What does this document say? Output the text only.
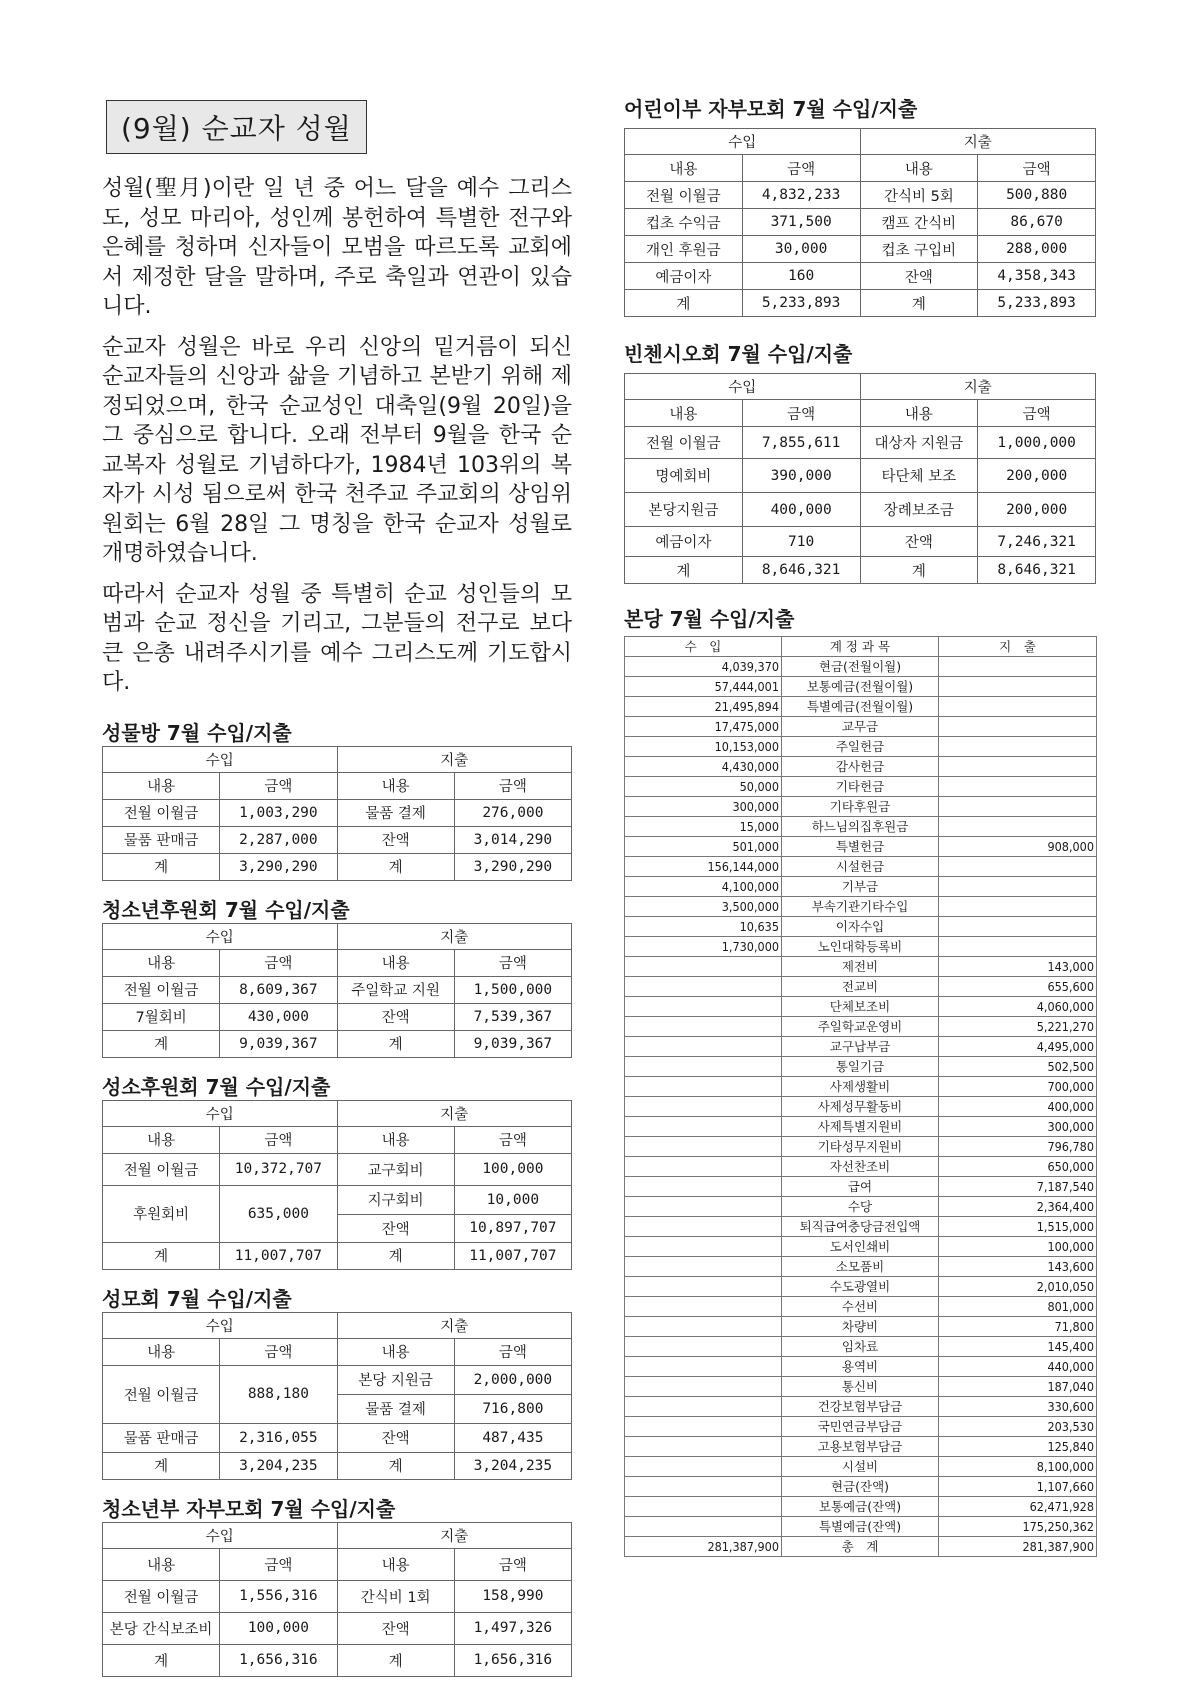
(9월) 순교자 성월

성월(聖月)이란 일 년 중 어느 달을 예수 그리스도, 성모 마리아, 성인께 봉헌하여 특별한 전구와 은혜를 청하며 신자들이 모범을 따르도록 교회에서 제정한 달을 말하며, 주로 축일과 연관이 있습니다.

순교자 성월은 바로 우리 신앙의 밑거름이 되신 순교자들의 신앙과 삶을 기념하고 본받기 위해 제정되었으며, 한국 순교성인 대축일(9월 20일)을 그 중심으로 합니다. 오래 전부터 9월을 한국 순교복자 성월로 기념하다가, 1984년 103위의 복자가 시성 됨으로써 한국 천주교 주교회의 상임위원회는 6월 28일 그 명칭을 한국 순교자 성월로 개명하였습니다.

따라서 순교자 성월 중 특별히 순교 성인들의 모범과 순교 정신을 기리고, 그분들의 전구로 보다 큰 은총 내려주시기를 예수 그리스도께 기도합시다.

성물방 7월 수입/지출
수입		지출	
내용	금액	내용	금액
전월 이월금	1,003,290	물품 결제	276,000
물품 판매금	2,287,000	잔액	3,014,290
계	3,290,290	계	3,290,290
청소년후원회 7월 수입/지출
수입		지출	
내용	금액	내용	금액
전월 이월금	8,609,367	주일학교 지원	1,500,000
7월회비	430,000	잔액	7,539,367
계	9,039,367	계	9,039,367
성소후원회 7월 수입/지출
수입		지출	
내용	금액	내용	금액
전월 이월금	10,372,707	교구회비	100,000
후원회비	635,000	지구회비	10,000
		잔액	10,897,707
계	11,007,707	계	11,007,707
성모회 7월 수입/지출
수입		지출	
내용	금액	내용	금액
전월 이월금	888,180	본당 지원금	2,000,000
		물품 결제	716,800
물품 판매금	2,316,055	잔액	487,435
계	3,204,235	계	3,204,235
청소년부 자부모회 7월 수입/지출
수입		지출	
내용	금액	내용	금액
전월 이월금	1,556,316	간식비 1회	158,990
본당 간식보조비	100,000	잔액	1,497,326
계	1,656,316	계	1,656,316
어린이부 자부모회 7월 수입/지출
수입		지출	
내용	금액	내용	금액
전월 이월금	4,832,233	간식비 5회	500,880
컵초 수익금	371,500	캠프 간식비	86,670
개인 후원금	30,000	컵초 구입비	288,000
예금이자	160	잔액	4,358,343
계	5,233,893	계	5,233,893
빈첸시오회 7월 수입/지출
수입		지출	
내용	금액	내용	금액
전월 이월금	7,855,611	대상자 지원금	1,000,000
명예회비	390,000	타단체 보조	200,000
본당지원금	400,000	장례보조금	200,000
예금이자	710	잔액	7,246,321
계	8,646,321	계	8,646,321
본당 7월 수입/지출
수　입	계 정 과 목	지　출
4,039,370	현금(전월이월)	
57,444,001	보통예금(전월이월)	
21,495,894	특별예금(전월이월)	
17,475,000	교무금	
10,153,000	주일헌금	
4,430,000	감사헌금	
50,000	기타헌금	
300,000	기타후원금	
15,000	하느님의집후원금	
501,000	특별헌금	908,000
156,144,000	시설헌금	
4,100,000	기부금	
3,500,000	부속기관기타수입	
10,635	이자수입	
1,730,000	노인대학등록비	
	제전비	143,000
	전교비	655,600
	단체보조비	4,060,000
	주일학교운영비	5,221,270
	교구납부금	4,495,000
	통일기금	502,500
	사제생활비	700,000
	사제성무활동비	400,000
	사제특별지원비	300,000
	기타성무지원비	796,780
	자선찬조비	650,000
	급여	7,187,540
	수당	2,364,400
	퇴직급여충당금전입액	1,515,000
	도서인쇄비	100,000
	소모품비	143,600
	수도광열비	2,010,050
	수선비	801,000
	차량비	71,800
	임차료	145,400
	용역비	440,000
	통신비	187,040
	건강보험부담금	330,600
	국민연금부담금	203,530
	고용보험부담금	125,840
	시설비	8,100,000
	현금(잔액)	1,107,660
	보통예금(잔액)	62,471,928
	특별예금(잔액)	175,250,362
281,387,900	총　계	281,387,900
